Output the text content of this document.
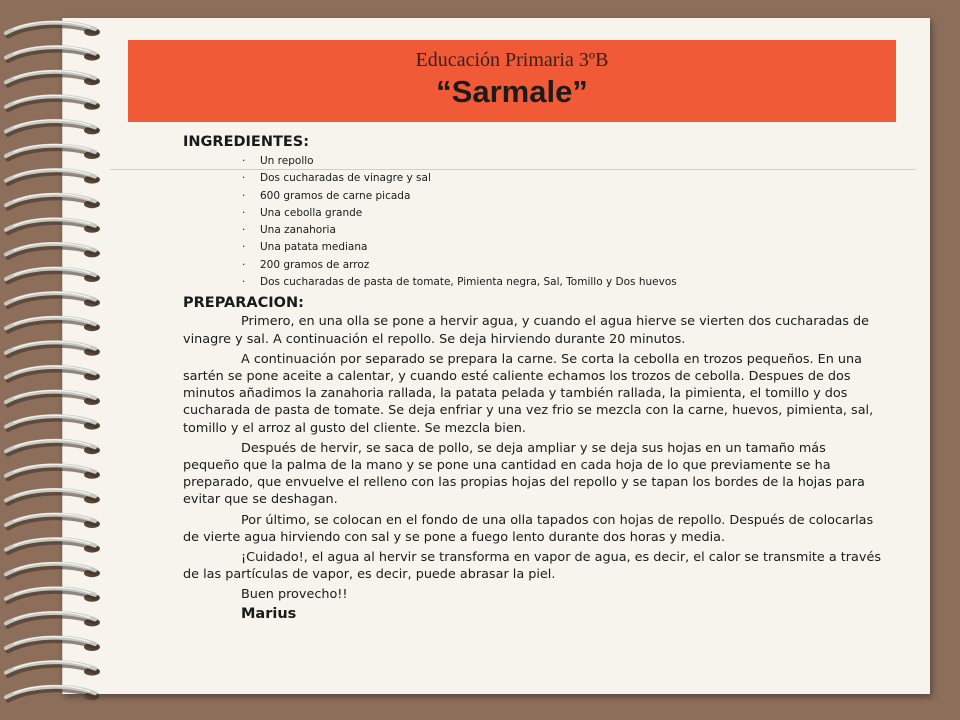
Educación Primaria 3ºB
“Sarmale”
INGREDIENTES:
· Un repollo
· Dos cucharadas de vinagre y sal
· 600 gramos de carne picada
· Una cebolla grande
· Una zanahoria
· Una patata mediana
· 200 gramos de arroz
· Dos cucharadas de pasta de tomate, Pimienta negra, Sal, Tomillo y Dos huevos
PREPARACION:

Primero, en una olla se pone a hervir agua, y cuando el agua hierve se vierten dos cucharadas de vinagre y sal. A continuación el repollo. Se deja hirviendo durante 20 minutos.

A continuación por separado se prepara la carne. Se corta la cebolla en trozos pequeños. En una sartén se pone aceite a calentar, y cuando esté caliente echamos los trozos de cebolla. Despues de dos minutos añadimos la zanahoria rallada, la patata pelada y también rallada, la pimienta, el tomillo y dos cucharada de pasta de tomate. Se deja enfriar y una vez frio se mezcla con la carne, huevos, pimienta, sal, tomillo y el arroz al gusto del cliente. Se mezcla bien.

Después de hervir, se saca de pollo, se deja ampliar y se deja sus hojas en un tamaño más pequeño que la palma de la mano y se pone una cantidad en cada hoja de lo que previamente se ha preparado, que envuelve el relleno con las propias hojas del repollo y se tapan los bordes de la hojas para evitar que se deshagan.

Por último, se colocan en el fondo de una olla tapados con hojas de repollo. Después de colocarlas de vierte agua hirviendo con sal y se pone a fuego lento durante dos horas y media.

¡Cuidado!, el agua al hervir se transforma en vapor de agua, es decir, el calor se transmite a través de las partículas de vapor, es decir, puede abrasar la piel.

Buen provecho!!

Marius
